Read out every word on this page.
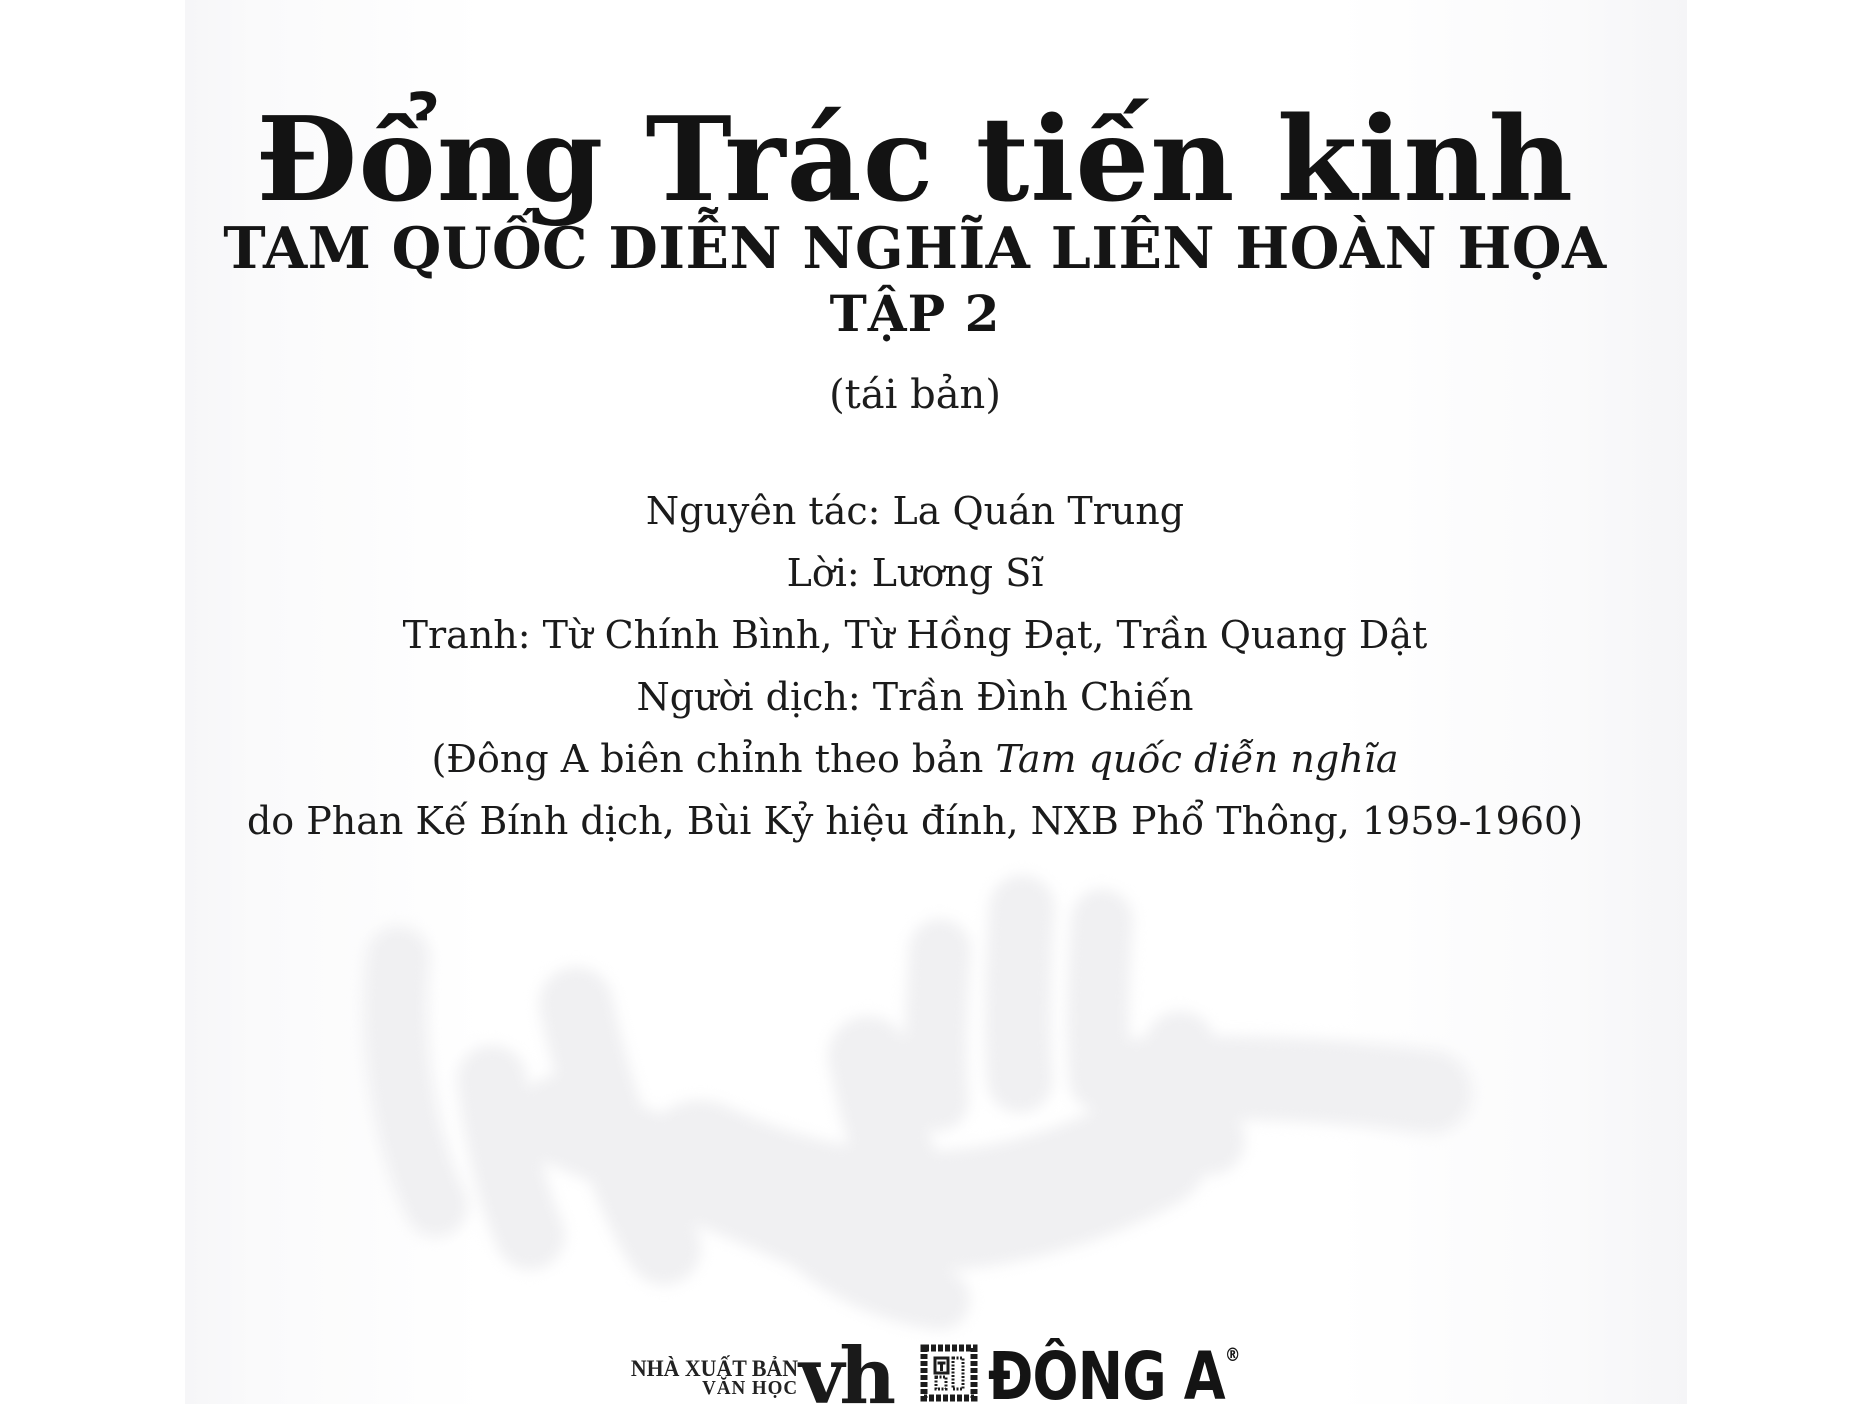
Đổng Trác tiến kinh
TAM QUỐC DIỄN NGHĨA LIÊN HOÀN HỌA
TẬP 2
(tái bản)
Nguyên tác: La Quán Trung
Lời: Lương Sĩ
Tranh: Từ Chính Bình, Từ Hồng Đạt, Trần Quang Dật
Người dịch: Trần Đình Chiến
(Đông A biên chỉnh theo bản Tam quốc diễn nghĩa
do Phan Kế Bính dịch, Bùi Kỷ hiệu đính, NXB Phổ Thông, 1959-1960)
NHÀ XUẤT BẢN
VĂN HỌC vh ĐÔNG A®
